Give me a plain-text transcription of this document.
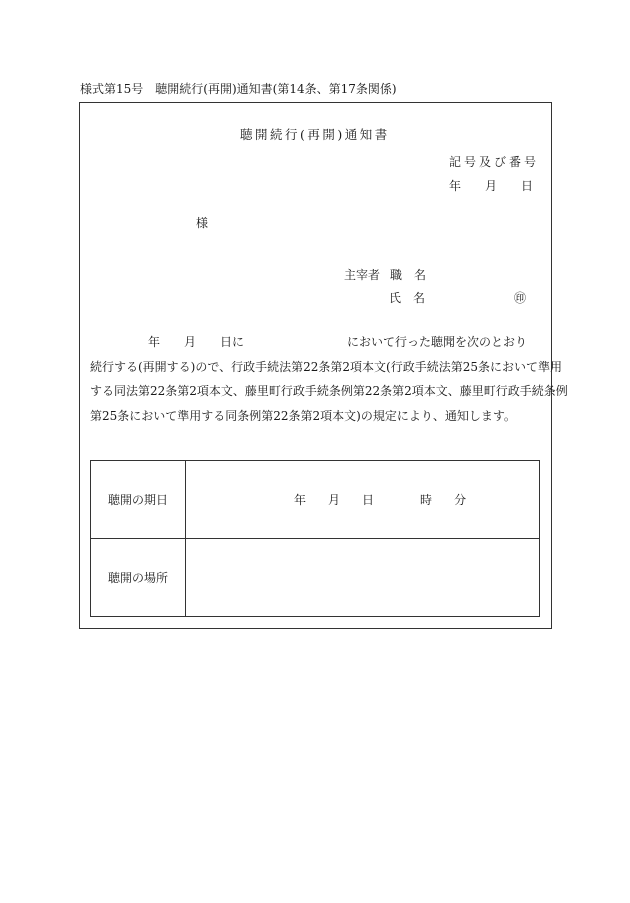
様式第15号　聴開続行(再開)通知書(第14条、第17条関係)
聴開続行(再開)通知書
記号及び番号
年 月 日
様
主宰者 職名
氏名	㊞
年 月 日に	において行った聴聞を次のとおり
続行する(再開する)ので、行政手続法第22条第2項本文(行政手続法第25条において準用
する同法第22条第2項本文、藤里町行政手続条例第22条第2項本文、藤里町行政手続条例
第25条において準用する同条例第22条第2項本文)の規定により、通知します。
聴開の期日	年 月 日 時 分
聴開の場所	
